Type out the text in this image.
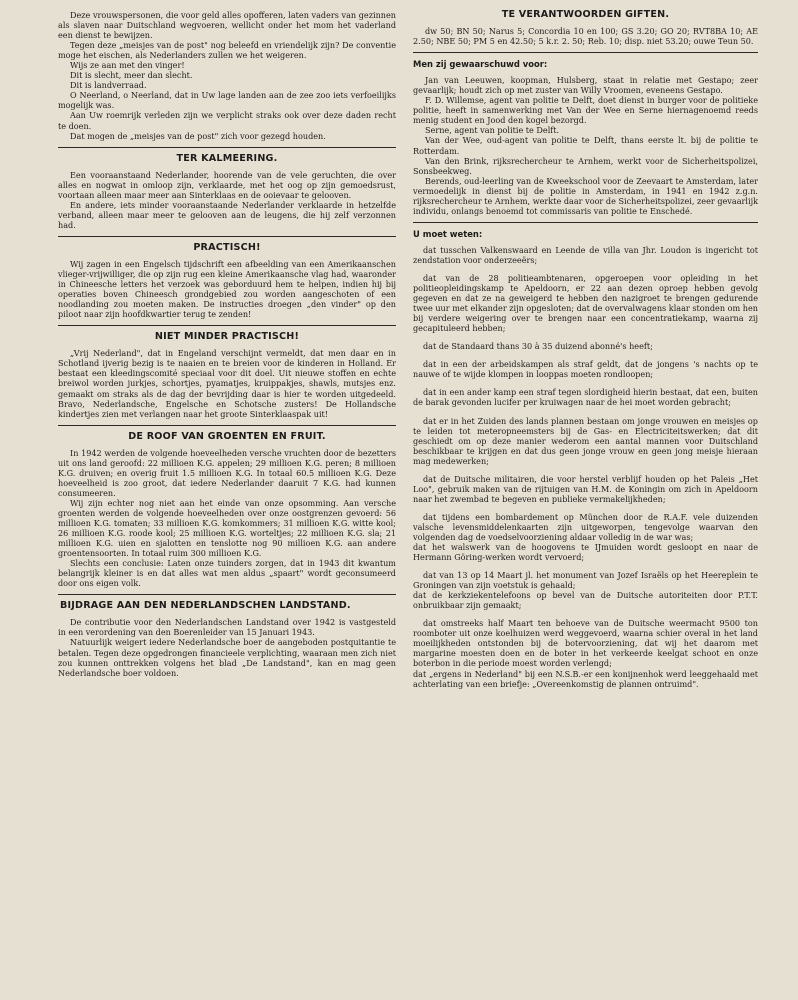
Deze vrouwspersonen, die voor geld alles opofferen, laten vaders van gezinnen als slaven naar Duitschland wegvoeren, wellicht onder het mom het vaderland een dienst te bewijzen.

Tegen deze „meisjes van de post" nog beleefd en vriendelijk zijn? De conventie moge het eischen, als Nederlanders zullen we het weigeren.

Wijs ze aan met den vinger!

Dit is slecht, meer dan slecht.

Dit is landverraad.

O Neerland, o Neerland, dat in Uw lage landen aan de zee zoo iets verfoeilijks mogelijk was.

Aan Uw roemrijk verleden zijn we verplicht straks ook over deze daden recht te doen.

Dat mogen de „meisjes van de post" zich voor gezegd houden.

TER KALMEERING.

Een vooraanstaand Nederlander, hoorende van de vele geruchten, die over alles en nogwat in omloop zijn, verklaarde, met het oog op zijn gemoedsrust, voortaan alleen maar meer aan Sinterklaas en de ooievaar te gelooven.

En andere, iets minder vooraanstaande Nederlander verklaarde in hetzelfde verband, alleen maar meer te gelooven aan de leugens, die hij zelf verzonnen had.

PRACTISCH!

Wij zagen in een Engelsch tijdschrift een afbeelding van een Amerikaanschen vlieger-vrijwilliger, die op zijn rug een kleine Amerikaansche vlag had, waaronder in Chineesche letters het verzoek was geborduurd hem te helpen, indien hij bij operaties boven Chineesch grondgebied zou worden aangeschoten of een noodlanding zou moeten maken. De instructies droegen „den vinder" op den piloot naar zijn hoofdkwartier terug te zenden!

NIET MINDER PRACTISCH!

„Vrij Nederland", dat in Engeland verschijnt vermeldt, dat men daar en in Schotland ijverig bezig is te naaien en te breien voor de kinderen in Holland. Er bestaat een kleedingscomité speciaal voor dit doel. Uit nieuwe stoffen en echte breiwol worden jurkjes, schortjes, pyamatjes, kruippakjes, shawls, mutsjes enz. gemaakt om straks als de dag der bevrijding daar is hier te worden uitgedeeld. Bravo, Nederlandsche, Engelsche en Schotsche zusters! De Hollandsche kindertjes zien met verlangen naar het groote Sinterklaaspak uit!

DE ROOF VAN GROENTEN EN FRUIT.

In 1942 werden de volgende hoeveelheden versche vruchten door de bezetters uit ons land geroofd: 22 millioen K.G. appelen; 29 millioen K.G. peren; 8 millioen K.G. druiven; en overig fruit 1.5 millioen K.G. In totaal 60.5 millioen K.G. Deze hoeveelheid is zoo groot, dat iedere Nederlander daaruit 7 K.G. had kunnen consumeeren.

Wij zijn echter nog niet aan het einde van onze opsomming. Aan versche groenten werden de volgende hoeveelheden over onze oostgrenzen gevoerd: 56 millioen K.G. tomaten; 33 millioen K.G. komkommers; 31 millioen K.G. witte kool; 26 millioen K.G. roode kool; 25 millioen K.G. worteltjes; 22 millioen K.G. sla; 21 millioen K.G. uien en sjalotten en tenslotte nog 90 millioen K.G. aan andere groentensoorten. In totaal ruim 300 millioen K.G.

Slechts een conclusie: Laten onze tuinders zorgen, dat in 1943 dit kwantum belangrijk kleiner is en dat alles wat men aldus „spaart" wordt geconsumeerd door ons eigen volk.

BIJDRAGE AAN DEN NEDERLANDSCHEN LANDSTAND.

De contributie voor den Nederlandschen Landstand over 1942 is vastgesteld in een verordening van den Boerenleider van 15 Januari 1943.

Natuurlijk weigert iedere Nederlandsche boer de aangeboden postquitantie te betalen. Tegen deze opgedrongen financieele verplichting, waaraan men zich niet zou kunnen onttrekken volgens het blad „De Landstand", kan en mag geen Nederlandsche boer voldoen.

TE VERANTWOORDEN GIFTEN.

dw 50; BN 50; Narus 5; Concordia 10 en 100; GS 3.20; GO 20; RVT8BA 10; AE 2.50; NBE 50; PM 5 en 42.50; 5 k.r. 2. 50; Reb. 10; disp. niet 53.20; ouwe Teun 50.

Men zij gewaarschuwd voor:

Jan van Leeuwen, koopman, Hulsberg, staat in relatie met Gestapo; zeer gevaarlijk; houdt zich op met zuster van Willy Vroomen, eveneens Gestapo.

F. D. Willemse, agent van politie te Delft, doet dienst in burger voor de politieke politie, heeft in samenwerking met Van der Wee en Serne hiernagenoemd reeds menig student en Jood den kogel bezorgd.

Serne, agent van politie te Delft.

Van der Wee, oud-agent van politie te Delft, thans eerste lt. bij de politie te Rotterdam.

Van den Brink, rijksrechercheur te Arnhem, werkt voor de Sicherheitspolizei, Sonsbeekweg.

Berends, oud-leerling van de Kweekschool voor de Zeevaart te Amsterdam, later vermoedelijk in dienst bij de politie in Amsterdam, in 1941 en 1942 z.g.n. rijksrechercheur te Arnhem, werkte daar voor de Sicherheitspolizei, zeer gevaarlijk individu, onlangs benoemd tot commissaris van politie te Enschedé.

U moet weten:

dat tusschen Valkenswaard en Leende de villa van Jhr. Loudon is ingericht tot zendstation voor onderzeeërs;

dat van de 28 politieambtenaren, opgeroepen voor opleiding in het politieopleidingskamp te Apeldoorn, er 22 aan dezen oproep hebben gevolg gegeven en dat ze na geweigerd te hebben den nazigroet te brengen gedurende twee uur met elkander zijn opgesloten; dat de overvalwagens klaar stonden om hen bij verdere weigering over te brengen naar een concentratiekamp, waarna zij gecapituleerd hebben;

dat de Standaard thans 30 à 35 duizend abonné's heeft;

dat in een der arbeidskampen als straf geldt, dat de jongens 's nachts op te nauwe of te wijde klompen in looppas moeten rondloopen;

dat in een ander kamp een straf tegen slordigheid hierin bestaat, dat een, buiten de barak gevonden lucifer per kruiwagen naar de hei moet worden gebracht;

dat er in het Zuiden des lands plannen bestaan om jonge vrouwen en meisjes op te leiden tot meteropneemsters bij de Gas- en Electriciteitswerken; dat dit geschiedt om op deze manier wederom een aantal mannen voor Duitschland beschikbaar te krijgen en dat dus geen jonge vrouw en geen jong meisje hieraan mag medewerken;

dat de Duitsche militairen, die voor herstel verblijf houden op het Paleis „Het Loo", gebruik maken van de rijtuigen van H.M. de Koningin om zich in Apeldoorn naar het zwembad te begeven en publieke vermakelijkheden;

dat tijdens een bombardement op München door de R.A.F. vele duizenden valsche levensmiddelenkaarten zijn uitgeworpen, tengevolge waarvan den volgenden dag de voedselvoorziening aldaar volledig in de war was;
dat het walswerk van de hoogovens te IJmuiden wordt gesloopt en naar de Hermann Göring-werken wordt vervoerd;

dat van 13 op 14 Maart jl. het monument van Jozef Israëls op het Heereplein te Groningen van zijn voetstuk is gehaald;
dat de kerkziekentelefoons op bevel van de Duitsche autoriteiten door P.T.T. onbruikbaar zijn gemaakt;

dat omstreeks half Maart ten behoeve van de Duitsche weermacht 9500 ton roomboter uit onze koelhuizen werd weggevoerd, waarna schier overal in het land moeilijkheden ontstonden bij de botervoorziening, dat wij het daarom met margarine moesten doen en de boter in het verkeerde keelgat schoot en onze boterbon in die periode moest worden verlengd;
dat „ergens in Nederland" bij een N.S.B.-er een konijnenhok werd leeggehaald met achterlating van een briefje: „Overeenkomstig de plannen ontruimd".
